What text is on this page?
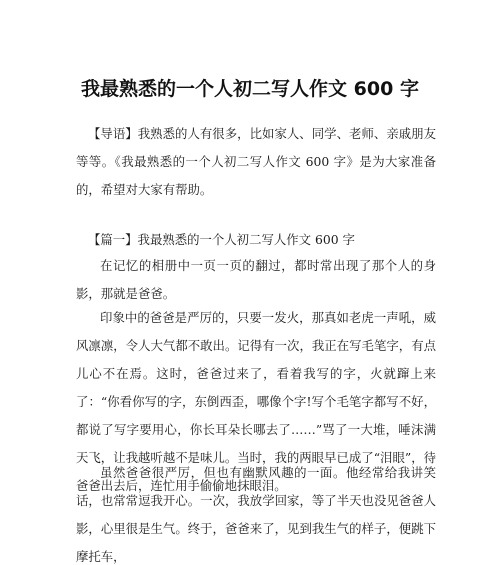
我最熟悉的一个人初二写人作文 600 字

【导语】我熟悉的人有很多，比如家人、同学、老师、亲戚朋友等等。《我最熟悉的一个人初二写人作文 600 字》是为大家准备的，希望对大家有帮助。

【篇一】我最熟悉的一个人初二写人作文 600 字

在记忆的相册中一页一页的翻过，都时常出现了那个人的身影，那就是爸爸。

印象中的爸爸是严厉的，只要一发火，那真如老虎一声吼，威风凛凛，令人大气都不敢出。记得有一次，我正在写毛笔字，有点儿心不在焉。这时，爸爸过来了，看着我写的字，火就蹿上来了：“你看你写的字，东倒西歪，哪像个字!写个毛笔字都写不好，都说了写字要用心，你长耳朵长哪去了……”骂了一大堆，唾沫满天飞，让我越听越不是味儿。当时，我的两眼早已成了“泪眼”，待爸爸出去后，连忙用手偷偷地抹眼泪。

虽然爸爸很严厉，但也有幽默风趣的一面。他经常给我讲笑话，也常常逗我开心。一次，我放学回家，等了半天也没见爸爸人影，心里很是生气。终于，爸爸来了，见到我生气的样子，便跳下摩托车，
